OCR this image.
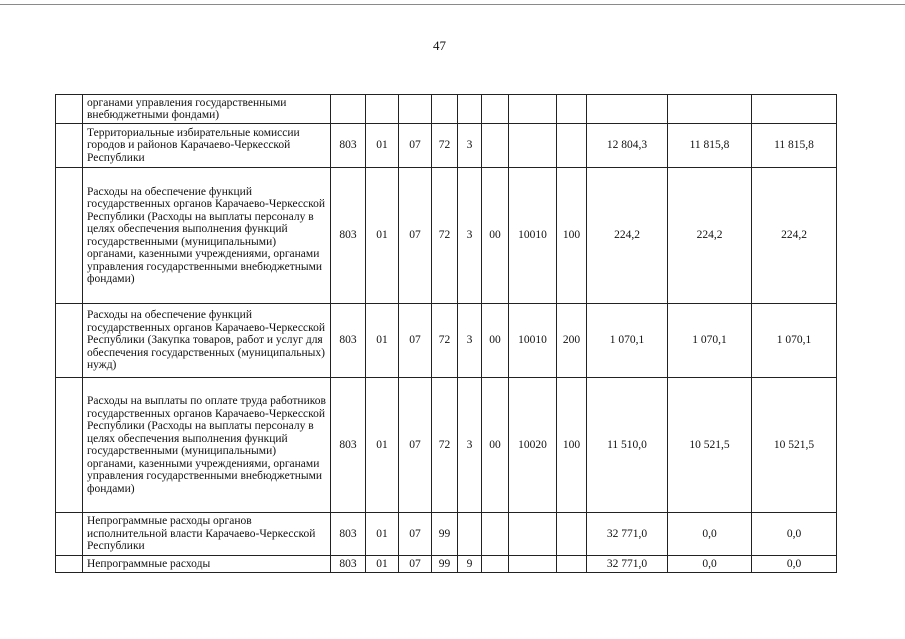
47
	органами управления государственными внебюджетными фондами)											
	Территориальные избирательные комиссии городов и районов Карачаево-Черкесской Республики	803	01	07	72	3				12 804,3	11 815,8	11 815,8
	Расходы на обеспечение функций государственных органов Карачаево-Черкесской Республики (Расходы на выплаты персоналу в целях обеспечения выполнения функций государственными (муниципальными) органами, казенными учреждениями, органами управления государственными внебюджетными фондами)	803	01	07	72	3	00	10010	100	224,2	224,2	224,2
	Расходы на обеспечение функций государственных органов Карачаево-Черкесской Республики (Закупка товаров, работ и услуг для обеспечения государственных (муниципальных) нужд)	803	01	07	72	3	00	10010	200	1 070,1	1 070,1	1 070,1
	Расходы на выплаты по оплате труда работников государственных органов Карачаево-Черкесской Республики (Расходы на выплаты персоналу в целях обеспечения выполнения функций государственными (муниципальными) органами, казенными учреждениями, органами управления государственными внебюджетными фондами)	803	01	07	72	3	00	10020	100	11 510,0	10 521,5	10 521,5
	Непрограммные расходы органов исполнительной власти Карачаево-Черкесской Республики	803	01	07	99					32 771,0	0,0	0,0
	Непрограммные расходы	803	01	07	99	9				32 771,0	0,0	0,0
